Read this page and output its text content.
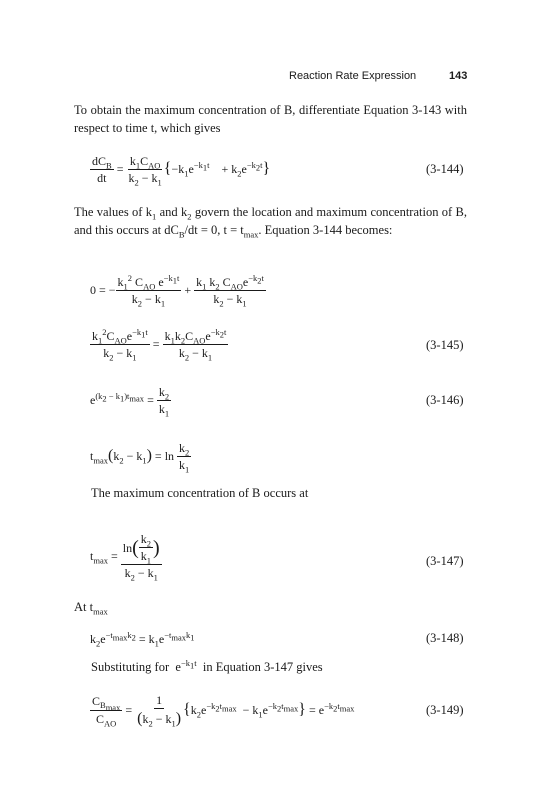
Reaction Rate Expression	143
To obtain the maximum concentration of B, differentiate Equation 3-143 with respect to time t, which gives
$\frac{dC_B}{dt} = \frac{k_1C_{AO}}{k_2 - k_1}$ { $-k_1e^{-k_1t} + k_2e^{-k_2t}$ }	(3-144)
The values of $k_1$ and $k_2$ govern the location and maximum concentration of B, and this occurs at $dC_B/dt = 0$, $t = t_{max}$. Equation 3-144 becomes:
0 = − $\frac{k_1^2 C_{AO} e^{-k_1t}}{k_2 - k_1} + \frac{k_1 k_2 C_{AO}e^{-k_2t}}{k_2 - k_1}$
$\frac{k_1^2C_{AO}e^{-k_1t}}{k_2 - k_1} = \frac{k_1k_2C_{AO}e^{-k_2t}}{k_2 - k_1}$	(3-145)
$e^{(k_2 - k_1)t_{max}} = \frac{k_2}{k_1}$	(3-146)
$t_{max}$ ( $k_2 - k_1$ ) = $\ln \frac{k_2}{k_1}$
The maximum concentration of B occurs at
$t_{max} = \frac{\ln ( \frac{k_2}{k_1} )}{k_2 - k_1}$	(3-147)
At $t_{max}$
$k_2e^{-t_{max}k_2} = k_1e^{-t_{max}k_1}$	(3-148)
Substituting for  $e^{-k_1t}$  in Equation 3-147 gives
$\frac{C_{B_{max}}}{C_{AO}} = \frac{1}{(k_2 - k_1)}$ { $k_2e^{-k_2t_{max}} - k_1e^{-k_2t_{max}}$ } = $e^{-k_2t_{max}}$	(3-149)
